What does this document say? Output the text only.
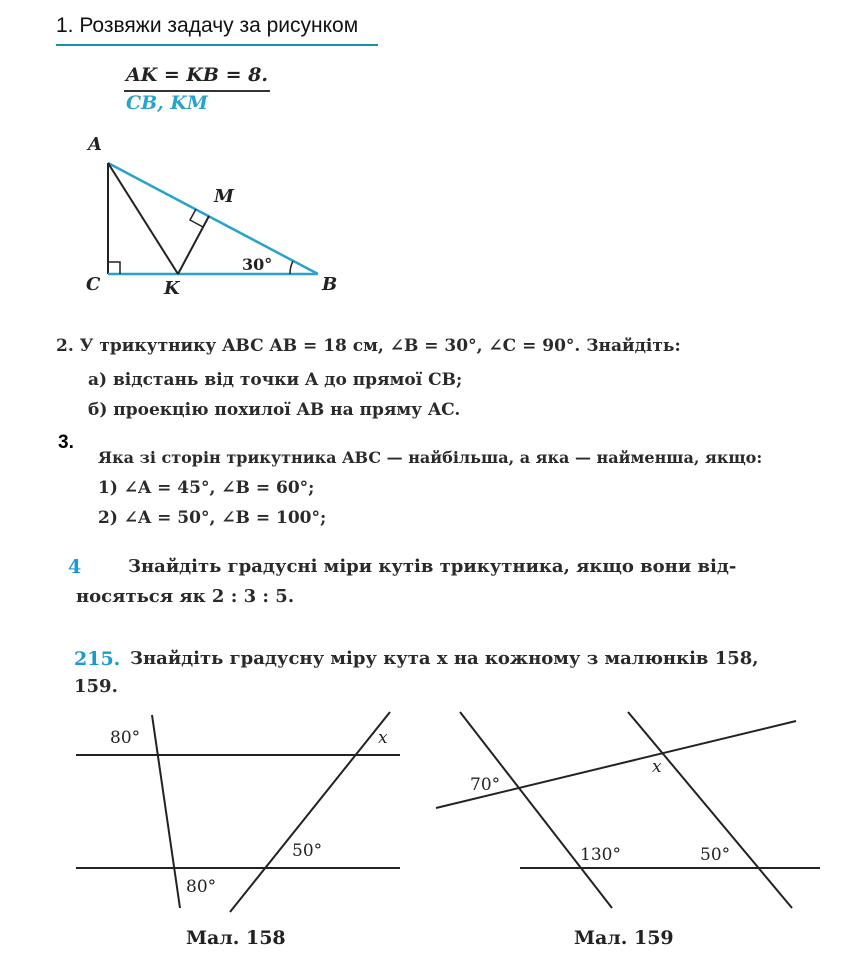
1. Розвяжи задачу за рисунком
AK = KB = 8.
CB, KM
A
M
C	K	B
30°
2. У трикутнику ABC AB = 18 см, ∠B = 30°, ∠C = 90°. Знайдіть:
а) відстань від точки A до прямої CB;
б) проекцію похилої AB на пряму AC.
3.
Яка зі сторін трикутника ABC — найбільша, а яка — найменша, якщо:
1) ∠A = 45°, ∠B = 60°;
2) ∠A = 50°, ∠B = 100°;
4	Знайдіть градусні міри кутів трикутника, якщо вони від-
носяться як 2 : 3 : 5.
215. Знайдіть градусну міру кута x на кожному з малюнків 158,
159.
80°	x
50°
80°
Мал. 158
70°
x
130°	50°
Мал. 159
